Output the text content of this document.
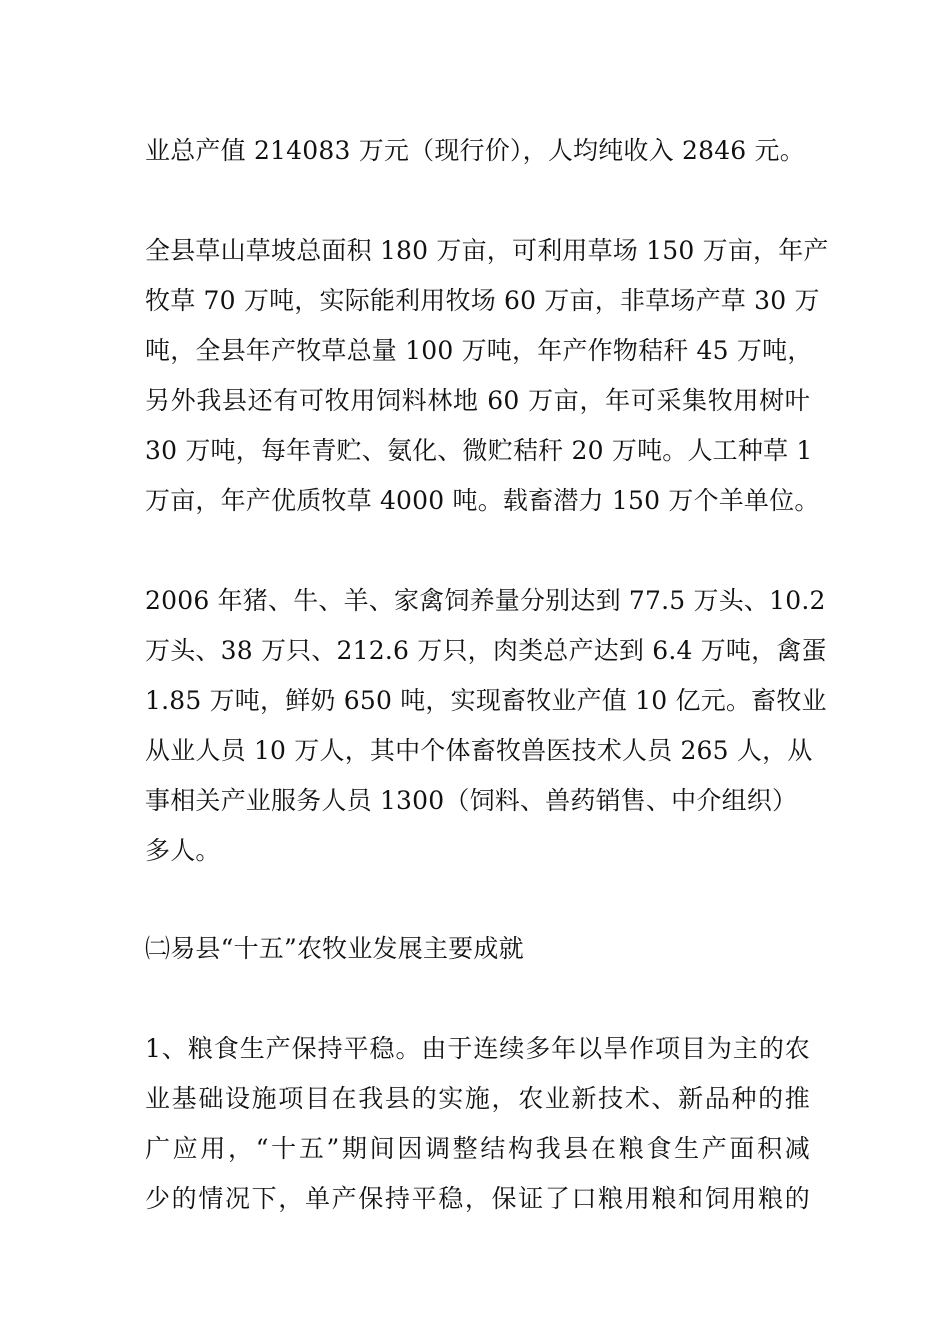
业总产值 214083 万元（现行价），人均纯收入 2846 元。
全县草山草坡总面积 180 万亩，可利用草场 150 万亩，年产
牧草 70 万吨，实际能利用牧场 60 万亩，非草场产草 30 万
吨，全县年产牧草总量 100 万吨，年产作物秸秆 45 万吨，
另外我县还有可牧用饲料林地 60 万亩，年可采集牧用树叶
30 万吨，每年青贮、氨化、微贮秸秆 20 万吨。人工种草 1
万亩，年产优质牧草 4000 吨。载畜潜力 150 万个羊单位。
2006 年猪、牛、羊、家禽饲养量分别达到 77.5 万头、10.2
万头、38 万只、212.6 万只，肉类总产达到 6.4 万吨，禽蛋
1.85 万吨，鲜奶 650 吨，实现畜牧业产值 10 亿元。畜牧业
从业人员 10 万人，其中个体畜牧兽医技术人员 265 人，从
事相关产业服务人员 1300（饲料、兽药销售、中介组织）
多人。
㈡易县“十五”农牧业发展主要成就
1、粮食生产保持平稳。由于连续多年以旱作项目为主的农
业基础设施项目在我县的实施，农业新技术、新品种的推
广应用，“十五”期间因调整结构我县在粮食生产面积减
少的情况下，单产保持平稳，保证了口粮用粮和饲用粮的
